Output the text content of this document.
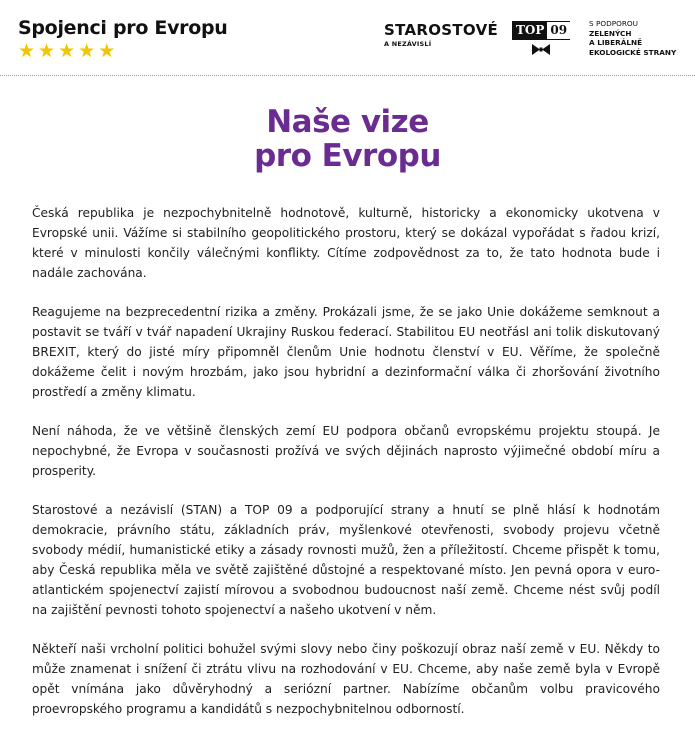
Spojenci pro Evropu
★ ★ ★ ★ ★
STAROSTOVÉ
A NEZÁVISLÍ
TOP 09	S PODPOROU
ZELENÝCH
A LIBERÁLNĚ
EKOLOGICKÉ STRANY
Naše vize
pro Evropu

Česká republika je nezpochybnitelně hodnotově, kulturně, historicky a ekonomicky ukotvena v Evropské unii. Vážíme si stabilního geopolitického prostoru, který se dokázal vypořádat s řadou krizí, které v minulosti končily válečnými konflikty. Cítíme zodpovědnost za to, že tato hodnota bude i nadále zachována.

Reagujeme na bezprecedentní rizika a změny. Prokázali jsme, že se jako Unie dokážeme semknout a postavit se tváří v tvář napadení Ukrajiny Ruskou federací. Stabilitou EU neotřásl ani tolik diskutovaný BREXIT, který do jisté míry připomněl členům Unie hodnotu členství v EU. Věříme, že společně dokážeme čelit i novým hrozbám, jako jsou hybridní a dezinformační válka či zhoršování životního prostředí a změny klimatu.

Není náhoda, že ve většině členských zemí EU podpora občanů evropskému projektu stoupá. Je nepochybné, že Evropa v současnosti prožívá ve svých dějinách naprosto výjimečné období míru a prosperity.

Starostové a nezávislí (STAN) a TOP 09 a podporující strany a hnutí se plně hlásí k hodnotám demokracie, právního státu, základních práv, myšlenkové otevřenosti, svobody projevu včetně svobody médií, humanistické etiky a zásady rovnosti mužů, žen a příležitostí. Chceme přispět k tomu, aby Česká republika měla ve světě zajištěné důstojné a respektované místo. Jen pevná opora v euro-atlantickém spojenectví zajistí mírovou a svobodnou budoucnost naší země. Chceme nést svůj podíl na zajištění pevnosti tohoto spojenectví a našeho ukotvení v něm.

Někteří naši vrcholní politici bohužel svými slovy nebo činy poškozují obraz naší země v EU. Někdy to může znamenat i snížení či ztrátu vlivu na rozhodování v EU. Chceme, aby naše země byla v Evropě opět vnímána jako důvěryhodný a seriózní partner. Nabízíme občanům volbu pravicového proevropského programu a kandidátů s nezpochybnitelnou odborností.
